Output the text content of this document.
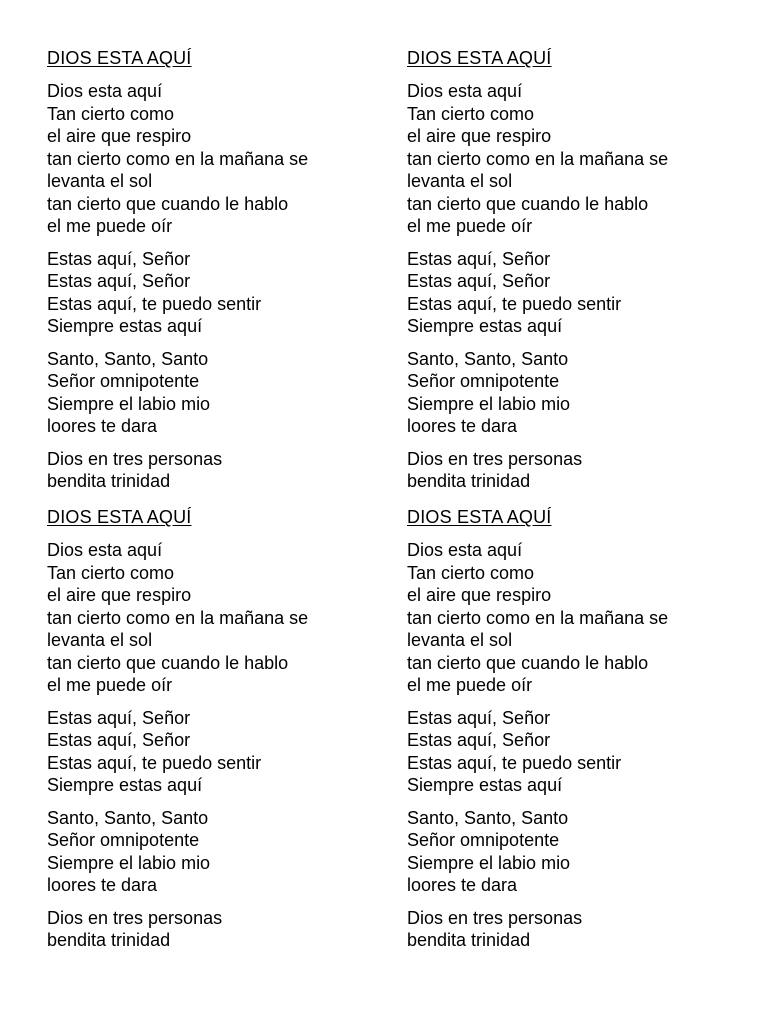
DIOS ESTA AQUÍ
Dios esta aquí
Tan cierto como
el aire que respiro
tan cierto como en la mañana se
levanta el sol
tan cierto que cuando le hablo
el me puede oír
Estas aquí, Señor
Estas aquí, Señor
Estas aquí, te puedo sentir
Siempre estas aquí
Santo, Santo, Santo
Señor omnipotente
Siempre el labio mio
loores te dara
Dios en tres personas
bendita trinidad
DIOS ESTA AQUÍ
Dios esta aquí
Tan cierto como
el aire que respiro
tan cierto como en la mañana se
levanta el sol
tan cierto que cuando le hablo
el me puede oír
Estas aquí, Señor
Estas aquí, Señor
Estas aquí, te puedo sentir
Siempre estas aquí
Santo, Santo, Santo
Señor omnipotente
Siempre el labio mio
loores te dara
Dios en tres personas
bendita trinidad
DIOS ESTA AQUÍ
Dios esta aquí
Tan cierto como
el aire que respiro
tan cierto como en la mañana se
levanta el sol
tan cierto que cuando le hablo
el me puede oír
Estas aquí, Señor
Estas aquí, Señor
Estas aquí, te puedo sentir
Siempre estas aquí
Santo, Santo, Santo
Señor omnipotente
Siempre el labio mio
loores te dara
Dios en tres personas
bendita trinidad
DIOS ESTA AQUÍ
Dios esta aquí
Tan cierto como
el aire que respiro
tan cierto como en la mañana se
levanta el sol
tan cierto que cuando le hablo
el me puede oír
Estas aquí, Señor
Estas aquí, Señor
Estas aquí, te puedo sentir
Siempre estas aquí
Santo, Santo, Santo
Señor omnipotente
Siempre el labio mio
loores te dara
Dios en tres personas
bendita trinidad
